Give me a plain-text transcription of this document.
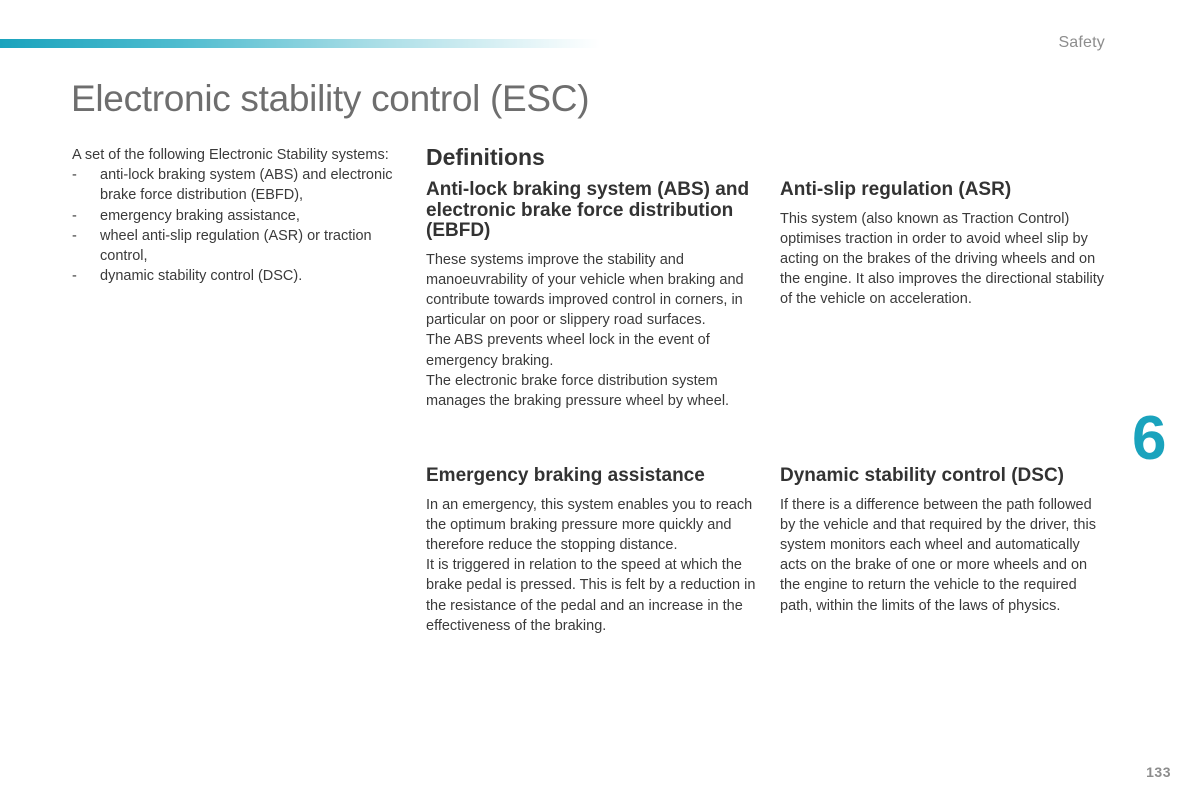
Safety
Electronic stability control (ESC)

A set of the following Electronic Stability systems:

- anti-lock braking system (ABS) and electronic brake force distribution (EBFD),
- emergency braking assistance,
- wheel anti-slip regulation (ASR) or traction control,
- dynamic stability control (DSC).
Definitions
Anti-lock braking system (ABS) and electronic brake force distribution (EBFD)

These systems improve the stability and manoeuvrability of your vehicle when braking and contribute towards improved control in corners, in particular on poor or slippery road surfaces.

The ABS prevents wheel lock in the event of emergency braking.

The electronic brake force distribution system manages the braking pressure wheel by wheel.

Anti-slip regulation (ASR)

This system (also known as Traction Control) optimises traction in order to avoid wheel slip by acting on the brakes of the driving wheels and on the engine. It also improves the directional stability of the vehicle on acceleration.

Emergency braking assistance

In an emergency, this system enables you to reach the optimum braking pressure more quickly and therefore reduce the stopping distance.

It is triggered in relation to the speed at which the brake pedal is pressed. This is felt by a reduction in the resistance of the pedal and an increase in the effectiveness of the braking.

Dynamic stability control (DSC)

If there is a difference between the path followed by the vehicle and that required by the driver, this system monitors each wheel and automatically acts on the brake of one or more wheels and on the engine to return the vehicle to the required path, within the limits of the laws of physics.

6
133
